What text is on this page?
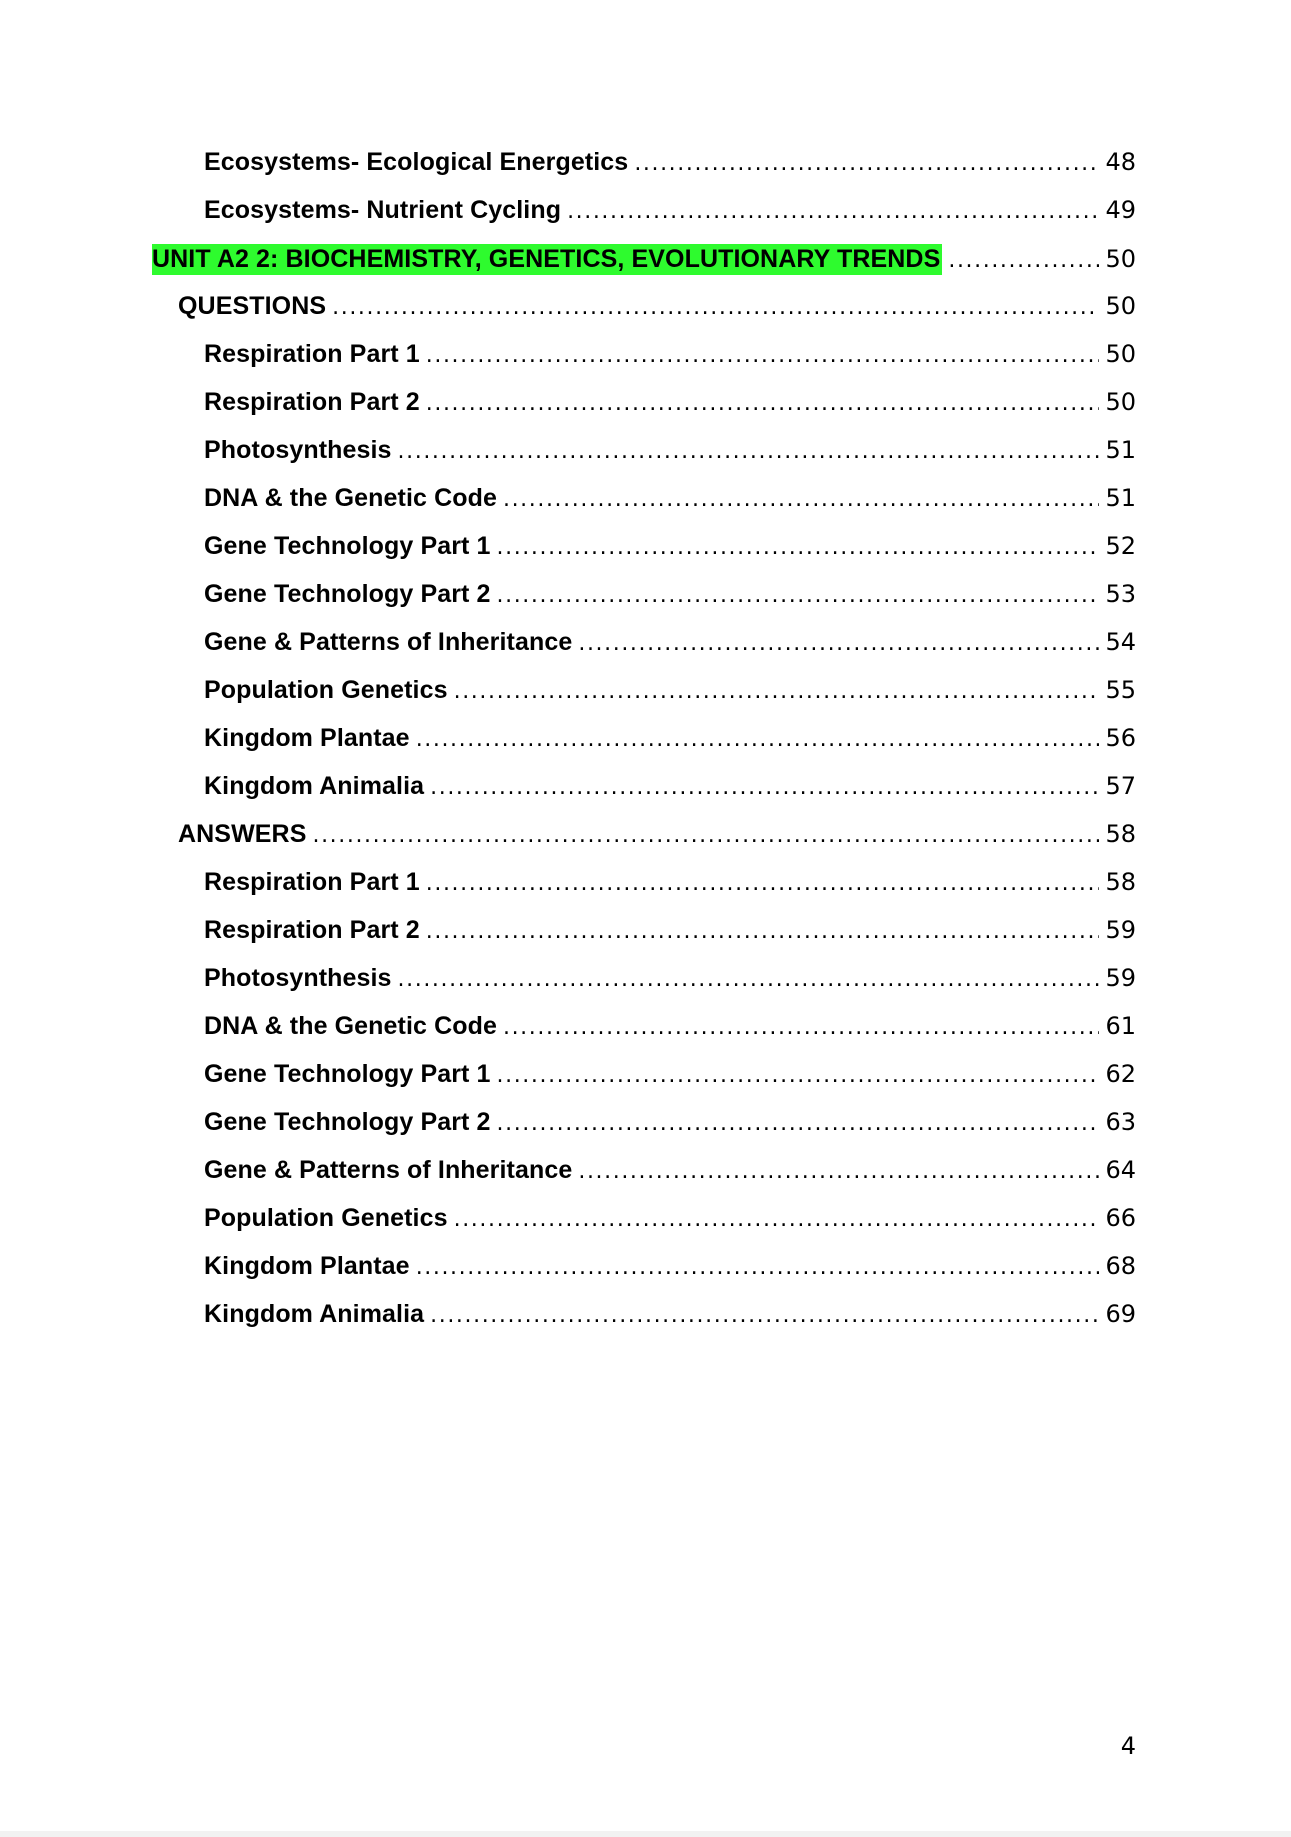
Ecosystems- Ecological Energetics .....	48
Ecosystems- Nutrient Cycling .....	49
UNIT A2 2: BIOCHEMISTRY, GENETICS, EVOLUTIONARY TRENDS .....	50
QUESTIONS .....	50
Respiration Part 1 .....	50
Respiration Part 2 .....	50
Photosynthesis .....	51
DNA & the Genetic Code .....	51
Gene Technology Part 1 .....	52
Gene Technology Part 2 .....	53
Gene & Patterns of Inheritance .....	54
Population Genetics .....	55
Kingdom Plantae .....	56
Kingdom Animalia .....	57
ANSWERS .....	58
Respiration Part 1 .....	58
Respiration Part 2 .....	59
Photosynthesis .....	59
DNA & the Genetic Code .....	61
Gene Technology Part 1 .....	62
Gene Technology Part 2 .....	63
Gene & Patterns of Inheritance .....	64
Population Genetics .....	66
Kingdom Plantae .....	68
Kingdom Animalia .....	69
4
